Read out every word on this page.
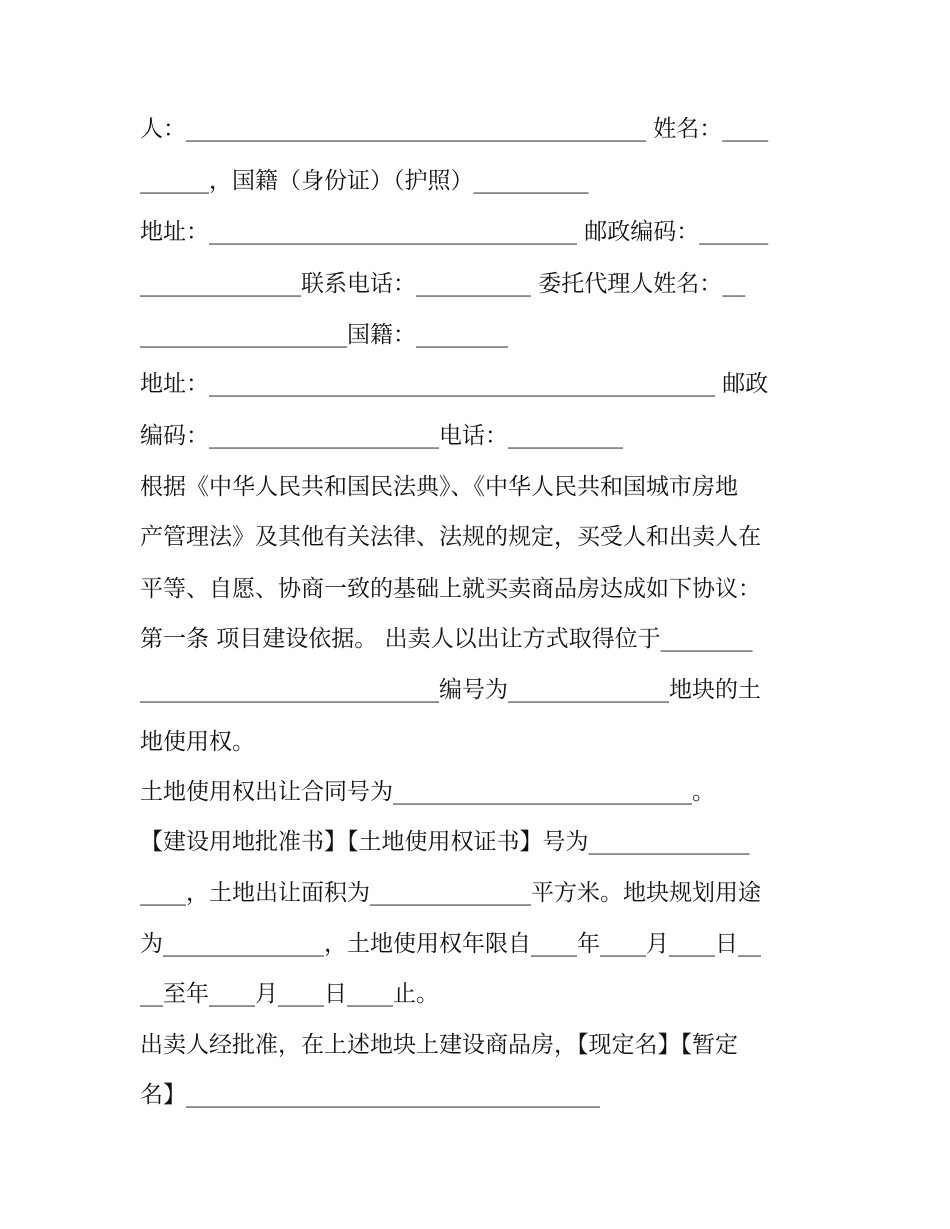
人：________________________________________ 姓名：____
______，国籍（身份证）（护照）__________
地址：________________________________ 邮政编码：______
______________联系电话：__________ 委托代理人姓名：__
__________________国籍：________
地址：____________________________________________ 邮政
编码：____________________电话：__________
根据《中华人民共和国民法典》、《中华人民共和国城市房地
产管理法》及其他有关法律、法规的规定，买受人和出卖人在
平等、自愿、协商一致的基础上就买卖商品房达成如下协议：
第一条 项目建设依据。 出卖人以出让方式取得位于________
__________________________编号为______________地块的土
地使用权。
土地使用权出让合同号为__________________________。
【建设用地批准书】【土地使用权证书】号为______________
____，土地出让面积为______________平方米。地块规划用途
为______________，土地使用权年限自____年____月____日__
__至年____月____日____止。
出卖人经批准，在上述地块上建设商品房，【现定名】【暂定
名】____________________________________
